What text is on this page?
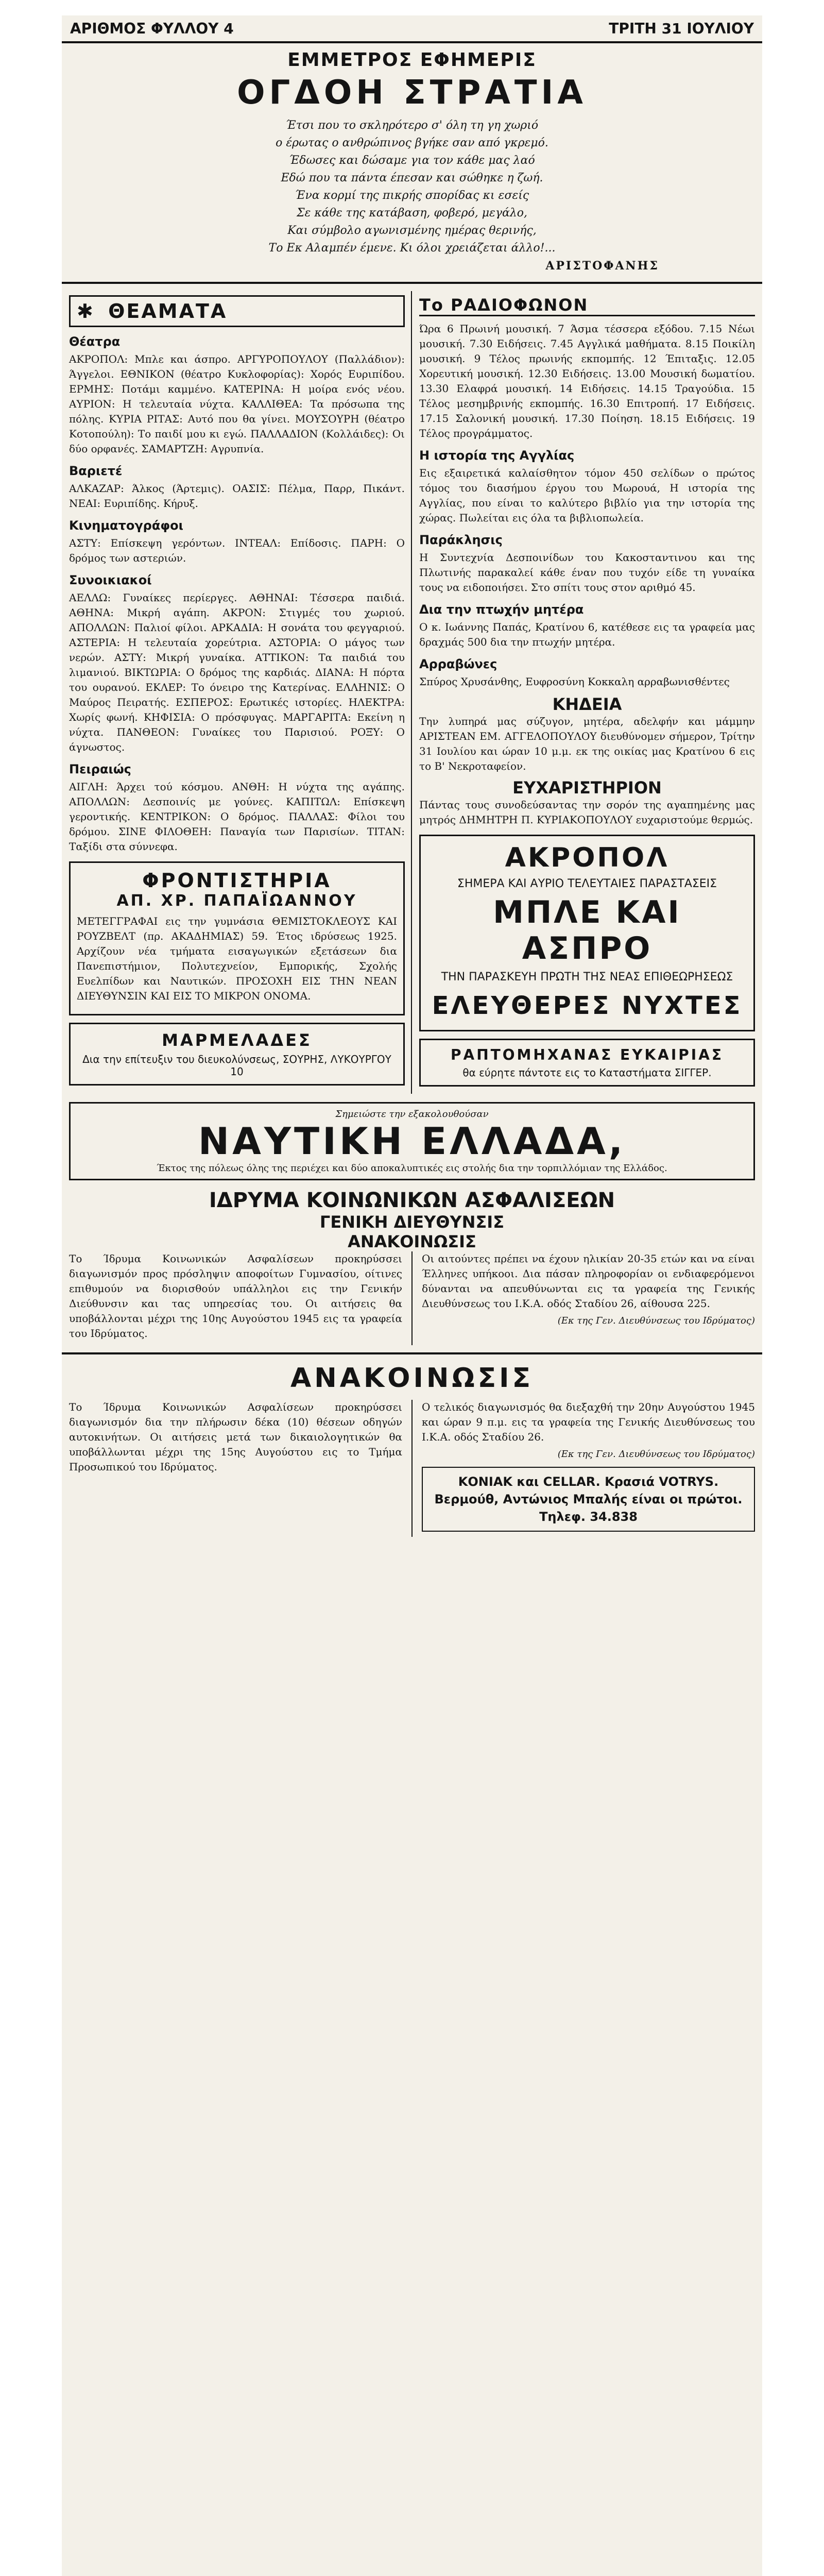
ΑΡΙΘΜΟΣ ΦΥΛΛΟΥ 4	ΤΡΙΤΗ 31 ΙΟΥΛΙΟΥ
ΕΜΜΕΤΡΟΣ ΕΦΗΜΕΡΙΣ
ΟΓΔΟΗ ΣΤΡΑΤΙΑ
Έτσι που το σκληρότερο σ' όλη τη γη χωριό
ο έρωτας ο ανθρώπινος βγήκε σαν από γκρεμό.
Έδωσες και δώσαμε για τον κάθε μας λαό
Εδώ που τα πάντα έπεσαν και σώθηκε η ζωή.
Ένα κορμί της πικρής σπορίδας κι εσείς
Σε κάθε της κατάβαση, φοβερό, μεγάλο,
Και σύμβολο αγωνισμένης ημέρας θερινής,
Το Εκ Αλαμπέν έμενε. Κι όλοι χρειάζεται άλλο!...
ΑΡΙΣΤΟΦΑΝΗΣ
✱ ΘΕΑΜΑΤΑ
Θέατρα

ΑΚΡΟΠΟΛ: Μπλε και άσπρο. ΑΡΓΥΡΟΠΟΥΛΟΥ (Παλλάδιον): Άγγελοι. ΕΘΝΙΚΟΝ (θέατρο Κυκλοφορίας): Χορός Ευριπίδου. ΕΡΜΗΣ: Ποτάμι καμμένο. ΚΑΤΕΡΙΝΑ: Η μοίρα ενός νέου. ΑΥΡΙΟΝ: Η τελευταία νύχτα. ΚΑΛΛΙΘΕΑ: Τα πρόσωπα της πόλης. ΚΥΡΙΑ ΡΙΤΑΣ: Αυτό που θα γίνει. ΜΟΥΣΟΥΡΗ (θέατρο Κοτοπούλη): Το παιδί μου κι εγώ. ΠΑΛΛΑΔΙΟΝ (Κολλάιδες): Οι δύο ορφανές. ΣΑΜΑΡΤΖΗ: Αγρυπνία.

Βαριετέ

ΑΛΚΑΖΑΡ: Άλκος (Άρτεμις). ΟΑΣΙΣ: Πέλμα, Παρρ, Πικάντ. ΝΕΑΙ: Ευριπίδης. Κήρυξ.

Κινηματογράφοι

ΑΣΤΥ: Επίσκεψη γερόντων. ΙΝΤΕΑΛ: Επίδοσις. ΠΑΡΗ: Ο δρόμος των αστεριών.

Συνοικιακοί

ΑΕΛΛΩ: Γυναίκες περίεργες. ΑΘΗΝΑΙ: Τέσσερα παιδιά. ΑΘΗΝΑ: Μικρή αγάπη. ΑΚΡΟΝ: Στιγμές του χωριού. ΑΠΟΛΛΩΝ: Παλιοί φίλοι. ΑΡΚΑΔΙΑ: Η σονάτα του φεγγαριού. ΑΣΤΕΡΙΑ: Η τελευταία χορεύτρια. ΑΣΤΟΡΙΑ: Ο μάγος των νερών. ΑΣΤΥ: Μικρή γυναίκα. ΑΤΤΙΚΟΝ: Τα παιδιά του λιμανιού. ΒΙΚΤΩΡΙΑ: Ο δρόμος της καρδιάς. ΔΙΑΝΑ: Η πόρτα του ουρανού. ΕΚΛΕΡ: Το όνειρο της Κατερίνας. ΕΛΛΗΝΙΣ: Ο Μαύρος Πειρατής. ΕΣΠΕΡΟΣ: Ερωτικές ιστορίες. ΗΛΕΚΤΡΑ: Χωρίς φωνή. ΚΗΦΙΣΙΑ: Ο πρόσφυγας. ΜΑΡΓΑΡΙΤΑ: Εκείνη η νύχτα. ΠΑΝΘΕΟΝ: Γυναίκες του Παρισιού. ΡΟΞΥ: Ο άγνωστος.

Πειραιώς

ΑΙΓΛΗ: Άρχει τού κόσμου. ΑΝΘΗ: Η νύχτα της αγάπης. ΑΠΟΛΛΩΝ: Δεσποινίς με γούνες. ΚΑΠΙΤΩΛ: Επίσκεψη γεροντικής. ΚΕΝΤΡΙΚΟΝ: Ο δρόμος. ΠΑΛΛΑΣ: Φίλοι του δρόμου. ΣΙΝΕ ΦΙΛΟΘΕΗ: Παναγία των Παρισίων. ΤΙΤΑΝ: Ταξίδι στα σύννεφα.

ΦΡΟΝΤΙΣΤΗΡΙΑ
ΑΠ. ΧΡ. ΠΑΠΑΪΩΑΝΝΟΥ

ΜΕΤΕΓΓΡΑΦΑΙ εις την γυμνάσια ΘΕΜΙΣΤΟΚΛΕΟΥΣ ΚΑΙ ΡΟΥΖΒΕΛΤ (πρ. ΑΚΑΔΗΜΙΑΣ) 59. Έτος ιδρύσεως 1925. Αρχίζουν νέα τμήματα εισαγωγικών εξετάσεων δια Πανεπιστήμιον, Πολυτεχνείον, Εμπορικής, Σχολής Ευελπίδων και Ναυτικών. ΠΡΟΣΟΧΗ ΕΙΣ ΤΗΝ ΝΕΑΝ ΔΙΕΥΘΥΝΣΙΝ ΚΑΙ ΕΙΣ ΤΟ ΜΙΚΡΟΝ ΟΝΟΜΑ.

ΜΑΡΜΕΛΑΔΕΣ
Δια την επίτευξιν του διευκολύνσεως, ΣΟΥΡΗΣ, ΛΥΚΟΥΡΓΟΥ 10
Το ΡΑΔΙΟΦΩΝΟΝ

Ώρα 6 Πρωινή μουσική. 7 Άσμα τέσσερα εξόδου. 7.15 Νέωι μουσική. 7.30 Ειδήσεις. 7.45 Αγγλικά μαθήματα. 8.15 Ποικίλη μουσική. 9 Τέλος πρωινής εκπομπής. 12 Έπιταξις. 12.05 Χορευτική μουσική. 12.30 Ειδήσεις. 13.00 Μουσική δωματίου. 13.30 Ελαφρά μουσική. 14 Ειδήσεις. 14.15 Τραγούδια. 15 Τέλος μεσημβρινής εκπομπής. 16.30 Επιτροπή. 17 Ειδήσεις. 17.15 Σαλονική μουσική. 17.30 Ποίηση. 18.15 Ειδήσεις. 19 Τέλος προγράμματος.

Η ιστορία της Αγγλίας

Εις εξαιρετικά καλαίσθητον τόμον 450 σελίδων ο πρώτος τόμος του διασήμου έργου του Μωρουά, Η ιστορία της Αγγλίας, που είναι το καλύτερο βιβλίο για την ιστορία της χώρας. Πωλείται εις όλα τα βιβλιοπωλεία.

Παράκλησις

Η Συντεχνία Δεσποινίδων του Κακοσταντινου και της Πλωτινής παρακαλεί κάθε έναν που τυχόν είδε τη γυναίκα τους να ειδοποιήσει. Στο σπίτι τους στον αριθμό 45.

Δια την πτωχήν μητέρα

Ο κ. Ιωάννης Παπάς, Κρατίνου 6, κατέθεσε εις τα γραφεία μας δραχμάς 500 δια την πτωχήν μητέρα.

Αρραβώνες

Σπύρος Χρυσάνθης, Ευφροσύνη Κοκκαλη αρραβωνισθέντες

ΚΗΔΕΙΑ

Την λυπηρά μας σύζυγον, μητέρα, αδελφήν και μάμμην ΑΡΙΣΤΕΑΝ ΕΜ. ΑΓΓΕΛΟΠΟΥΛΟΥ διευθύνομεν σήμερον, Τρίτην 31 Ιουλίου και ώραν 10 μ.μ. εκ της οικίας μας Κρατίνου 6 εις το Β' Νεκροταφείον.

ΕΥΧΑΡΙΣΤΗΡΙΟΝ

Πάντας τους συνοδεύσαντας την σορόν της αγαπημένης μας μητρός ΔΗΜΗΤΡΗ Π. ΚΥΡΙΑΚΟΠΟΥΛΟΥ ευχαριστούμε θερμώς.

ΑΚΡΟΠΟΛ
ΣΗΜΕΡΑ ΚΑΙ ΑΥΡΙΟ ΤΕΛΕΥΤΑΙΕΣ ΠΑΡΑΣΤΑΣΕΙΣ
ΜΠΛΕ ΚΑΙ ΑΣΠΡΟ
ΤΗΝ ΠΑΡΑΣΚΕΥΗ ΠΡΩΤΗ ΤΗΣ ΝΕΑΣ ΕΠΙΘΕΩΡΗΣΕΩΣ
ΕΛΕΥΘΕΡΕΣ ΝΥΧΤΕΣ
ΡΑΠΤΟΜΗΧΑΝΑΣ ΕΥΚΑΙΡΙΑΣ
θα εύρητε πάντοτε εις το Καταστήματα ΣΙΓΓΕΡ.
Σημειώστε την εξακολουθούσαν
ΝΑΥΤΙΚΗ ΕΛΛΑΔΑ,
Έκτος της πόλεως όλης της περιέχει και δύο αποκαλυπτικές εις στολής δια την τορπιλλόμιαν της Ελλάδος.
ΙΔΡΥΜΑ ΚΟΙΝΩΝΙΚΩΝ ΑΣΦΑΛΙΣΕΩΝ
ΓΕΝΙΚΗ ΔΙΕΥΘΥΝΣΙΣ
ΑΝΑΚΟΙΝΩΣΙΣ

Το Ίδρυμα Κοινωνικών Ασφαλίσεων προκηρύσσει διαγωνισμόν προς πρόσληψιν αποφοίτων Γυμνασίου, οίτινες επιθυμούν να διορισθούν υπάλληλοι εις την Γενικήν Διεύθυνσιν και τας υπηρεσίας του. Οι αιτήσεις θα υποβάλλονται μέχρι της 10ης Αυγούστου 1945 εις τα γραφεία του Ιδρύματος.

Οι αιτούντες πρέπει να έχουν ηλικίαν 20-35 ετών και να είναι Έλληνες υπήκοοι. Δια πάσαν πληροφορίαν οι ενδιαφερόμενοι δύνανται να απευθύνωνται εις τα γραφεία της Γενικής Διευθύνσεως του Ι.Κ.Α. οδός Σταδίου 26, αίθουσα 225.

(Εκ της Γεν. Διευθύνσεως του Ιδρύματος)
ΑΝΑΚΟΙΝΩΣΙΣ

Το Ίδρυμα Κοινωνικών Ασφαλίσεων προκηρύσσει διαγωνισμόν δια την πλήρωσιν δέκα (10) θέσεων οδηγών αυτοκινήτων. Οι αιτήσεις μετά των δικαιολογητικών θα υποβάλλωνται μέχρι της 15ης Αυγούστου εις το Τμήμα Προσωπικού του Ιδρύματος.

Ο τελικός διαγωνισμός θα διεξαχθή την 20ην Αυγούστου 1945 και ώραν 9 π.μ. εις τα γραφεία της Γενικής Διευθύνσεως του Ι.Κ.Α. οδός Σταδίου 26.

(Εκ της Γεν. Διευθύνσεως του Ιδρύματος)
ΚΟΝΙΑΚ και CELLAR. Κρασιά VOTRYS. Βερμούθ, Αντώνιος Μπαλής είναι οι πρώτοι. Τηλεφ. 34.838
